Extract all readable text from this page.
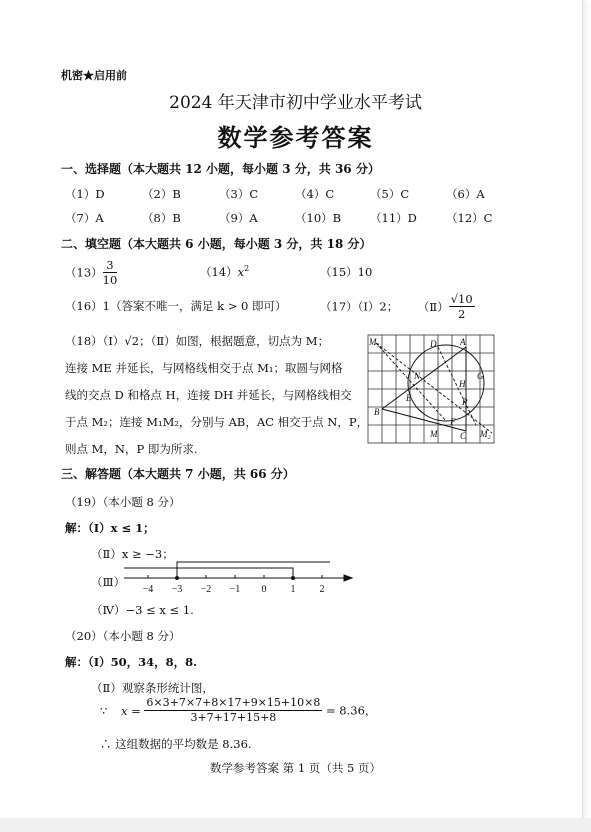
机密★启用前
2024 年天津市初中学业水平考试
数学参考答案
一、选择题（本大题共 12 小题，每小题 3 分，共 36 分）
（1）D	（2）B	（3）C	（4）C	（5）C	（6）A
（7）A	（8）B	（9）A	（10）B	（11）D	（12）C
二、填空题（本大题共 6 小题，每小题 3 分，共 18 分）
$(13) \frac{3}{10}$	$(14)x^2$	（15）10
（16）1（答案不唯一，满足 k > 0 即可）	（17）（Ⅰ）2； （Ⅱ） $\frac{√10}{2}$
（18）（Ⅰ）√2；（Ⅱ）如图，根据题意，切点为 M；
连接 ME 并延长，与网格线相交于点 M₁；取圆与网格
线的交点 D 和格点 H，连接 DH 并延长，与网格线相交
于点 M₂；连接 M₁M₂，分别与 AB，AC 相交于点 N，P，
则点 M，N，P 即为所求.
M₁	D	A
G
H
N
P
E
B
F
M	C M₂
三、解答题（本大题共 7 小题，共 66 分）
（19）（本小题 8 分）
解：（Ⅰ）x ≤ 1；
（Ⅱ）x ≥ −3；
（Ⅲ）
−4 −3 −2 −1 0 1 2
（Ⅳ）−3 ≤ x ≤ 1.
（20）（本小题 8 分）
解：（Ⅰ）50，34，8，8.
（Ⅱ）观察条形统计图，
∵ $x = \frac{6\times 3+7\times 7+8\times 17+9\times 15+10\times 8}{3+7+17+15+8} = 8.36$，
∴ 这组数据的平均数是 8.36.
数学参考答案 第 1 页（共 5 页）
